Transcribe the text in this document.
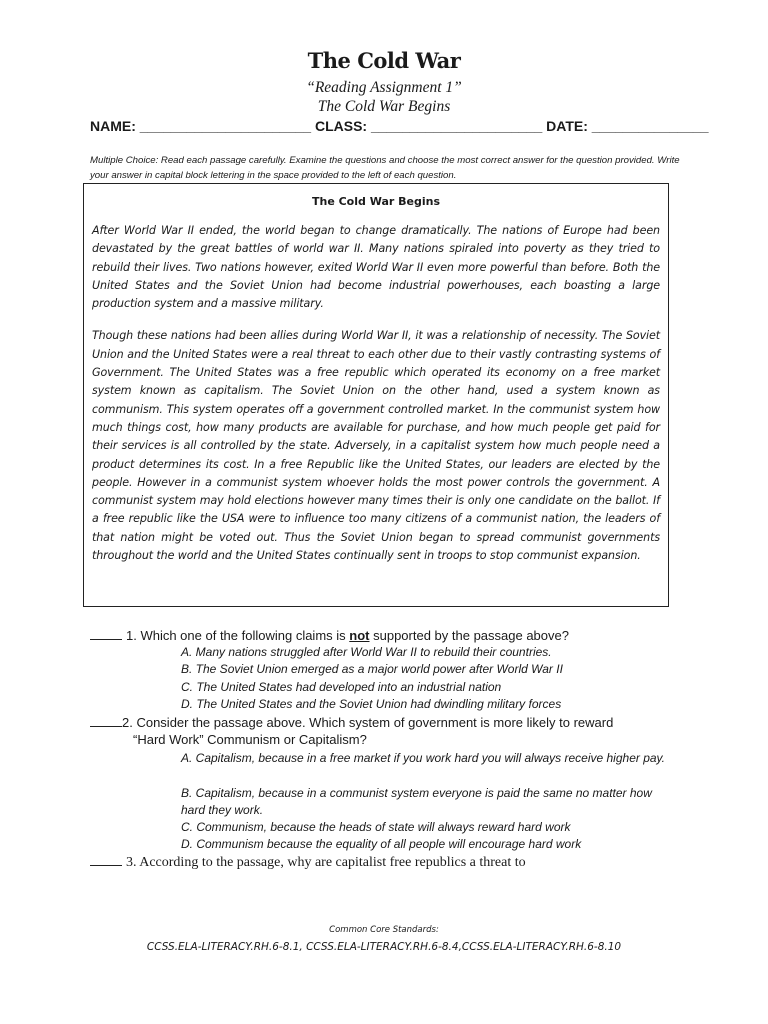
The Cold War
“Reading Assignment 1”
The Cold War Begins
NAME: ______________________ CLASS: ______________________ DATE: _______________
Multiple Choice: Read each passage carefully. Examine the questions and choose the most correct answer for the question provided. Write your answer in capital block lettering in the space provided to the left of each question.
The Cold War Begins

After World War II ended, the world began to change dramatically. The nations of Europe had been devastated by the great battles of world war II. Many nations spiraled into poverty as they tried to rebuild their lives. Two nations however, exited World War II even more powerful than before. Both the United States and the Soviet Union had become industrial powerhouses, each boasting a large production system and a massive military.

Though these nations had been allies during World War II, it was a relationship of necessity. The Soviet Union and the United States were a real threat to each other due to their vastly contrasting systems of Government. The United States was a free republic which operated its economy on a free market system known as capitalism. The Soviet Union on the other hand, used a system known as communism. This system operates off a government controlled market. In the communist system how much things cost, how many products are available for purchase, and how much people get paid for their services is all controlled by the state. Adversely, in a capitalist system how much people need a product determines its cost. In a free Republic like the United States, our leaders are elected by the people. However in a communist system whoever holds the most power controls the government. A communist system may hold elections however many times their is only one candidate on the ballot. If a free republic like the USA were to influence too many citizens of a communist nation, the leaders of that nation might be voted out. Thus the Soviet Union began to spread communist governments throughout the world and the United States continually sent in troops to stop communist expansion.

1. Which one of the following claims is not supported by the passage above?
A. Many nations struggled after World War II to rebuild their countries.
B. The Soviet Union emerged as a major world power after World War II
C. The United States had developed into an industrial nation
D. The United States and the Soviet Union had dwindling military forces
2. Consider the passage above. Which system of government is more likely to reward
“Hard Work” Communism or Capitalism?
A. Capitalism, because in a free market if you work hard you will always receive higher pay.
B. Capitalism, because in a communist system everyone is paid the same no matter how hard they work.
C. Communism, because the heads of state will always reward hard work
D. Communism because the equality of all people will encourage hard work
3. According to the passage, why are capitalist free republics a threat to
Common Core Standards:
CCSS.ELA-LITERACY.RH.6-8.1, CCSS.ELA-LITERACY.RH.6-8.4,CCSS.ELA-LITERACY.RH.6-8.10
